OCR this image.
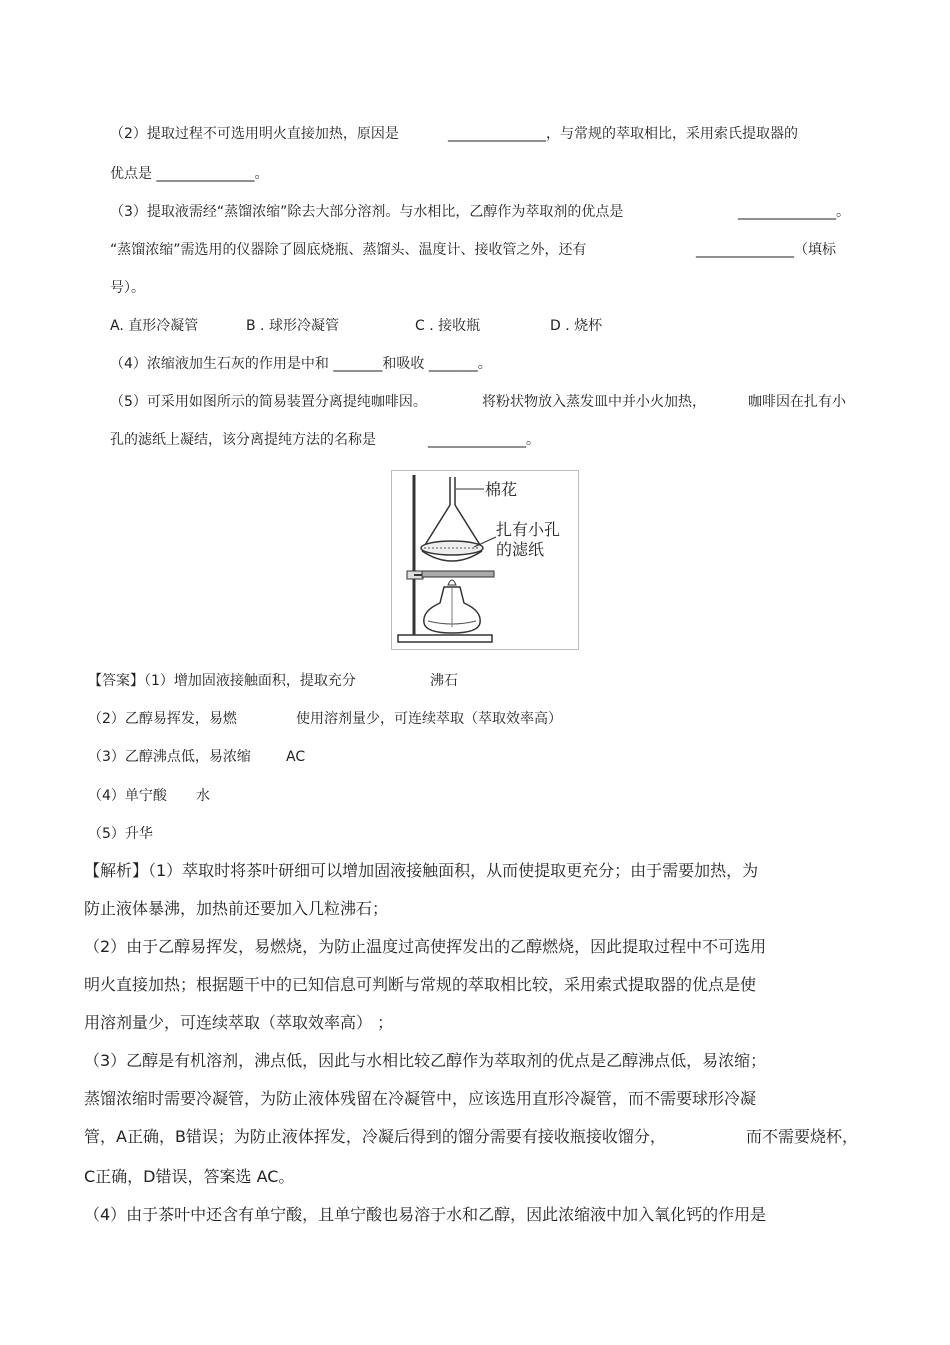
（2）提取过程不可选用明火直接加热，原因是	______________，与常规的萃取相比，采用索氏提取器的
优点是 ______________。
（3）提取液需经“蒸馏浓缩”除去大部分溶剂。与水相比，乙醇作为萃取剂的优点是	______________。
“蒸馏浓缩”需选用的仪器除了圆底烧瓶、蒸馏头、温度计、接收管之外，还有	______________（填标
号）。
A. 直形冷凝管	B . 球形冷凝管	C . 接收瓶	D . 烧杯
（4）浓缩液加生石灰的作用是中和 _______和吸收 _______。
（5）可采用如图所示的简易装置分离提纯咖啡因。	将粉状物放入蒸发皿中并小火加热，	咖啡因在扎有小
孔的滤纸上凝结，该分离提纯方法的名称是	______________。
棉花
扎有小孔
的滤纸
【答案】（1）增加固液接触面积，提取充分	沸石
（2）乙醇易挥发，易燃	使用溶剂量少，可连续萃取（萃取效率高）
（3）乙醇沸点低，易浓缩	AC
（4）单宁酸 水
（5）升华
【解析】（1）萃取时将茶叶研细可以增加固液接触面积，从而使提取更充分；由于需要加热，为
防止液体暴沸，加热前还要加入几粒沸石；
（2）由于乙醇易挥发，易燃烧，为防止温度过高使挥发出的乙醇燃烧，因此提取过程中不可选用
明火直接加热；根据题干中的已知信息可判断与常规的萃取相比较，采用索式提取器的优点是使
用溶剂量少，可连续萃取（萃取效率高） ；
（3）乙醇是有机溶剂，沸点低，因此与水相比较乙醇作为萃取剂的优点是乙醇沸点低，易浓缩；
蒸馏浓缩时需要冷凝管，为防止液体残留在冷凝管中，应该选用直形冷凝管，而不需要球形冷凝
管，A正确，B错误；为防止液体挥发，冷凝后得到的馏分需要有接收瓶接收馏分，	而不需要烧杯，
C正确，D错误，答案选 AC。
（4）由于茶叶中还含有单宁酸，且单宁酸也易溶于水和乙醇，因此浓缩液中加入氧化钙的作用是
